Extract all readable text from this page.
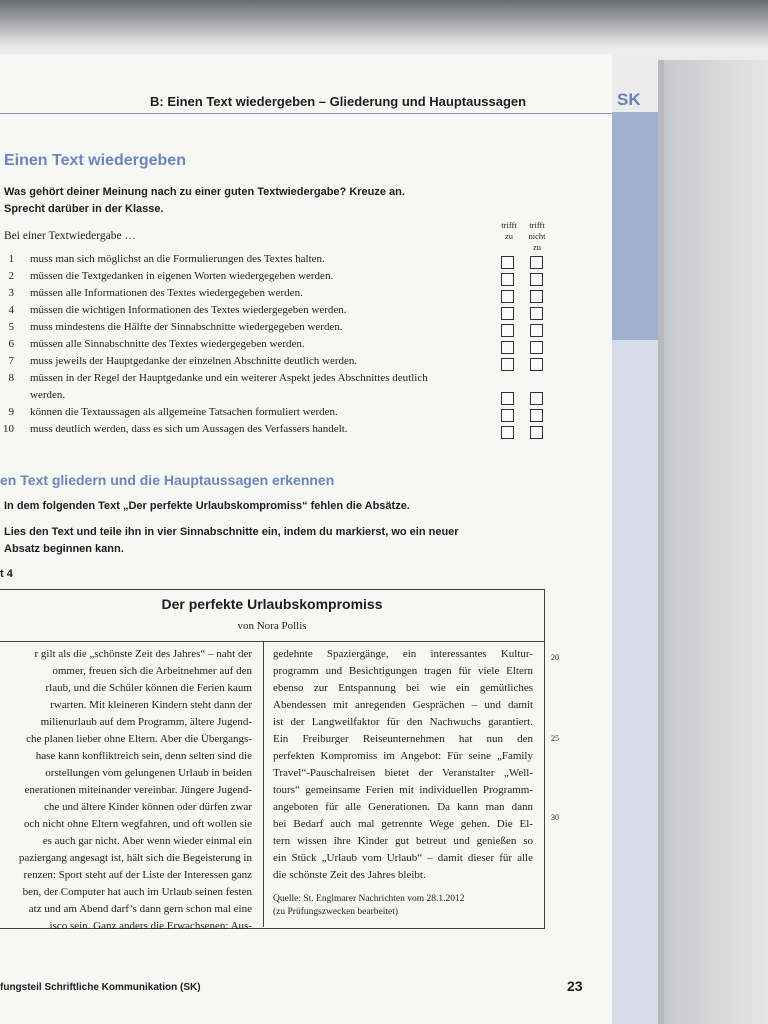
SK
B: Einen Text wiedergeben – Gliederung und Hauptaussagen
Einen Text wiedergeben
Was gehört deiner Meinung nach zu einer guten Textwiedergabe? Kreuze an.
Sprecht darüber in der Klasse.
Bei einer Textwiedergabe …
trifft
zu
trifft
nicht
zu
1 muss man sich möglichst an die Formulierungen des Textes halten.
2 müssen die Textgedanken in eigenen Worten wiedergegeben werden.
3 müssen alle Informationen des Textes wiedergegeben werden.
4 müssen die wichtigen Informationen des Textes wiedergegeben werden.
5 muss mindestens die Hälfte der Sinnabschnitte wiedergegeben werden.
6 müssen alle Sinnabschnitte des Textes wiedergegeben werden.
7 muss jeweils der Hauptgedanke der einzelnen Abschnitte deutlich werden.
8 müssen in der Regel der Hauptgedanke und ein weiterer Aspekt jedes Abschnittes deutlich
werden.
9 können die Textaussagen als allgemeine Tatsachen formuliert werden.
10 muss deutlich werden, dass es sich um Aussagen des Verfassers handelt.
en Text gliedern und die Hauptaussagen erkennen
In dem folgenden Text „Der perfekte Urlaubskompromiss“ fehlen die Absätze.
Lies den Text und teile ihn in vier Sinnabschnitte ein, indem du markierst, wo ein neuer
Absatz beginnen kann.
t 4
Der perfekte Urlaubskompromiss
von Nora Pollis
r gilt als die „schönste Zeit des Jahres“ – naht der
ommer, freuen sich die Arbeitnehmer auf den
rlaub, und die Schüler können die Ferien kaum
rwarten. Mit kleineren Kindern steht dann der
milienurlaub auf dem Programm, ältere Jugend-
che planen lieber ohne Eltern. Aber die Übergangs-
hase kann konfliktreich sein, denn selten sind die
orstellungen vom gelungenen Urlaub in beiden
enerationen miteinander vereinbar. Jüngere Jugend-
che und ältere Kinder können oder dürfen zwar
och nicht ohne Eltern wegfahren, und oft wollen sie
es auch gar nicht. Aber wenn wieder einmal ein
paziergang angesagt ist, hält sich die Begeisterung in
renzen: Sport steht auf der Liste der Interessen ganz
ben, der Computer hat auch im Urlaub seinen festen
atz und am Abend darf’s dann gern schon mal eine
isco sein. Ganz anders die Erwachsenen: Aus-
gedehnte Spaziergänge, ein interessantes Kultur-
programm und Besichtigungen tragen für viele Eltern
ebenso zur Entspannung bei wie ein gemütliches
Abendessen mit anregenden Gesprächen – und damit
ist der Langweilfaktor für den Nachwuchs garantiert.
Ein Freiburger Reiseunternehmen hat nun den
perfekten Kompromiss im Angebot: Für seine „Family
Travel“-Pauschalreisen bietet der Veranstalter „Well-
tours“ gemeinsame Ferien mit individuellen Programm-
angeboten für alle Generationen. Da kann man dann
bei Bedarf auch mal getrennte Wege gehen. Die El-
tern wissen ihre Kinder gut betreut und genießen so
ein Stück „Urlaub vom Urlaub“ – damit dieser für alle
die schönste Zeit des Jahres bleibt.
20
25
30
Quelle: St. Englmarer Nachrichten vom 28.1.2012
(zu Prüfungszwecken bearbeitet)
fungsteil Schriftliche Kommunikation (SK)	23
